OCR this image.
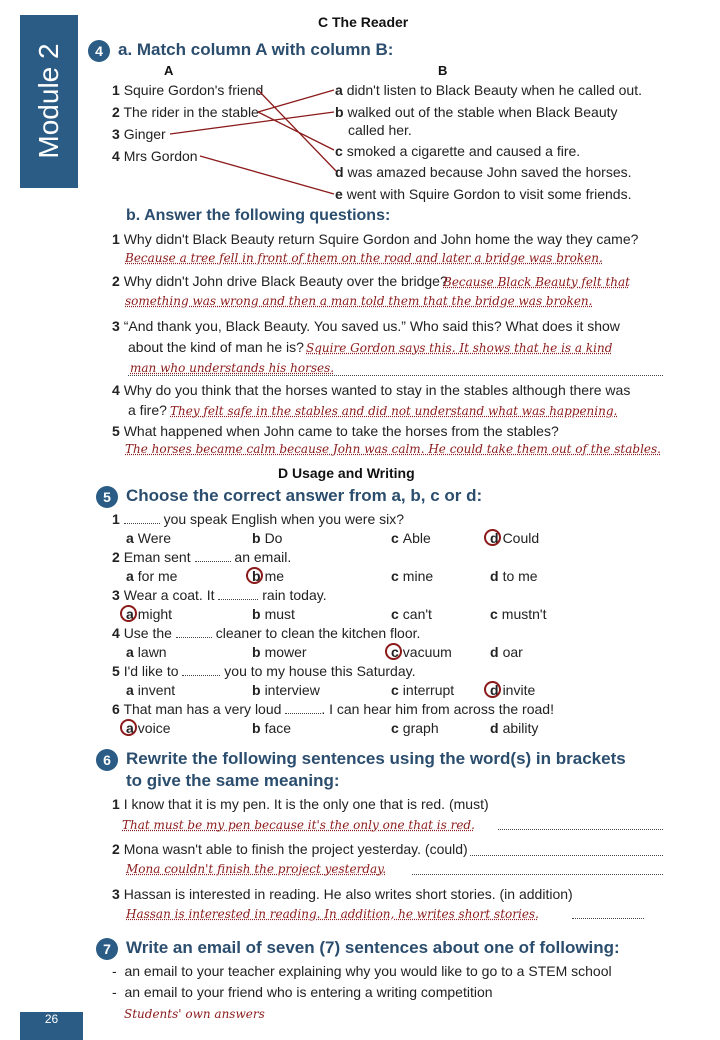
Module 2
26
C The Reader
4 a. Match column A with column B:
A	B
1 Squire Gordon's friend
2 The rider in the stable
3 Ginger
4 Mrs Gordon
a didn't listen to Black Beauty when he called out.
b walked out of the stable when Black Beauty
called her.
c smoked a cigarette and caused a fire.
d was amazed because John saved the horses.
e went with Squire Gordon to visit some friends.
b. Answer the following questions:
1 Why didn't Black Beauty return Squire Gordon and John home the way they came?
Because a tree fell in front of them on the road and later a bridge was broken.
2 Why didn't John drive Black Beauty over the bridge?
Because Black Beauty felt that
something was wrong and then a man told them that the bridge was broken.
3 “And thank you, Black Beauty. You saved us.” Who said this? What does it show
about the kind of man he is? Squire Gordon says this. It shows that he is a kind
man who understands his horses.
4 Why do you think that the horses wanted to stay in the stables although there was
a fire? They felt safe in the stables and did not understand what was happening.
5 What happened when John came to take the horses from the stables?
The horses became calm because John was calm. He could take them out of the stables.
D Usage and Writing
5 Choose the correct answer from a, b, c or d:
1	you speak English when you were six?
a Were	b Do	c Able	d Could
2 Eman sent	an email.
a for me	b me	c mine	d to me
3 Wear a coat. It	rain today.
a might	b must	c can't	c mustn't
4 Use the	cleaner to clean the kitchen floor.
a lawn	b mower	c vacuum	d oar
5 I'd like to	you to my house this Saturday.
a invent	b interview	c interrupt	d invite
6 That man has a very loud	. I can hear him from across the road!
a voice	b face	c graph	d ability
6 Rewrite the following sentences using the word(s) in brackets
to give the same meaning:
1 I know that it is my pen. It is the only one that is red. (must)
That must be my pen because it's the only one that is red.
2 Mona wasn't able to finish the project yesterday. (could)
Mona couldn't finish the project yesterday.
3 Hassan is interested in reading. He also writes short stories. (in addition)
Hassan is interested in reading. In addition, he writes short stories.
7 Write an email of seven (7) sentences about one of following:
-  an email to your teacher explaining why you would like to go to a STEM school
-  an email to your friend who is entering a writing competition
Students' own answers
